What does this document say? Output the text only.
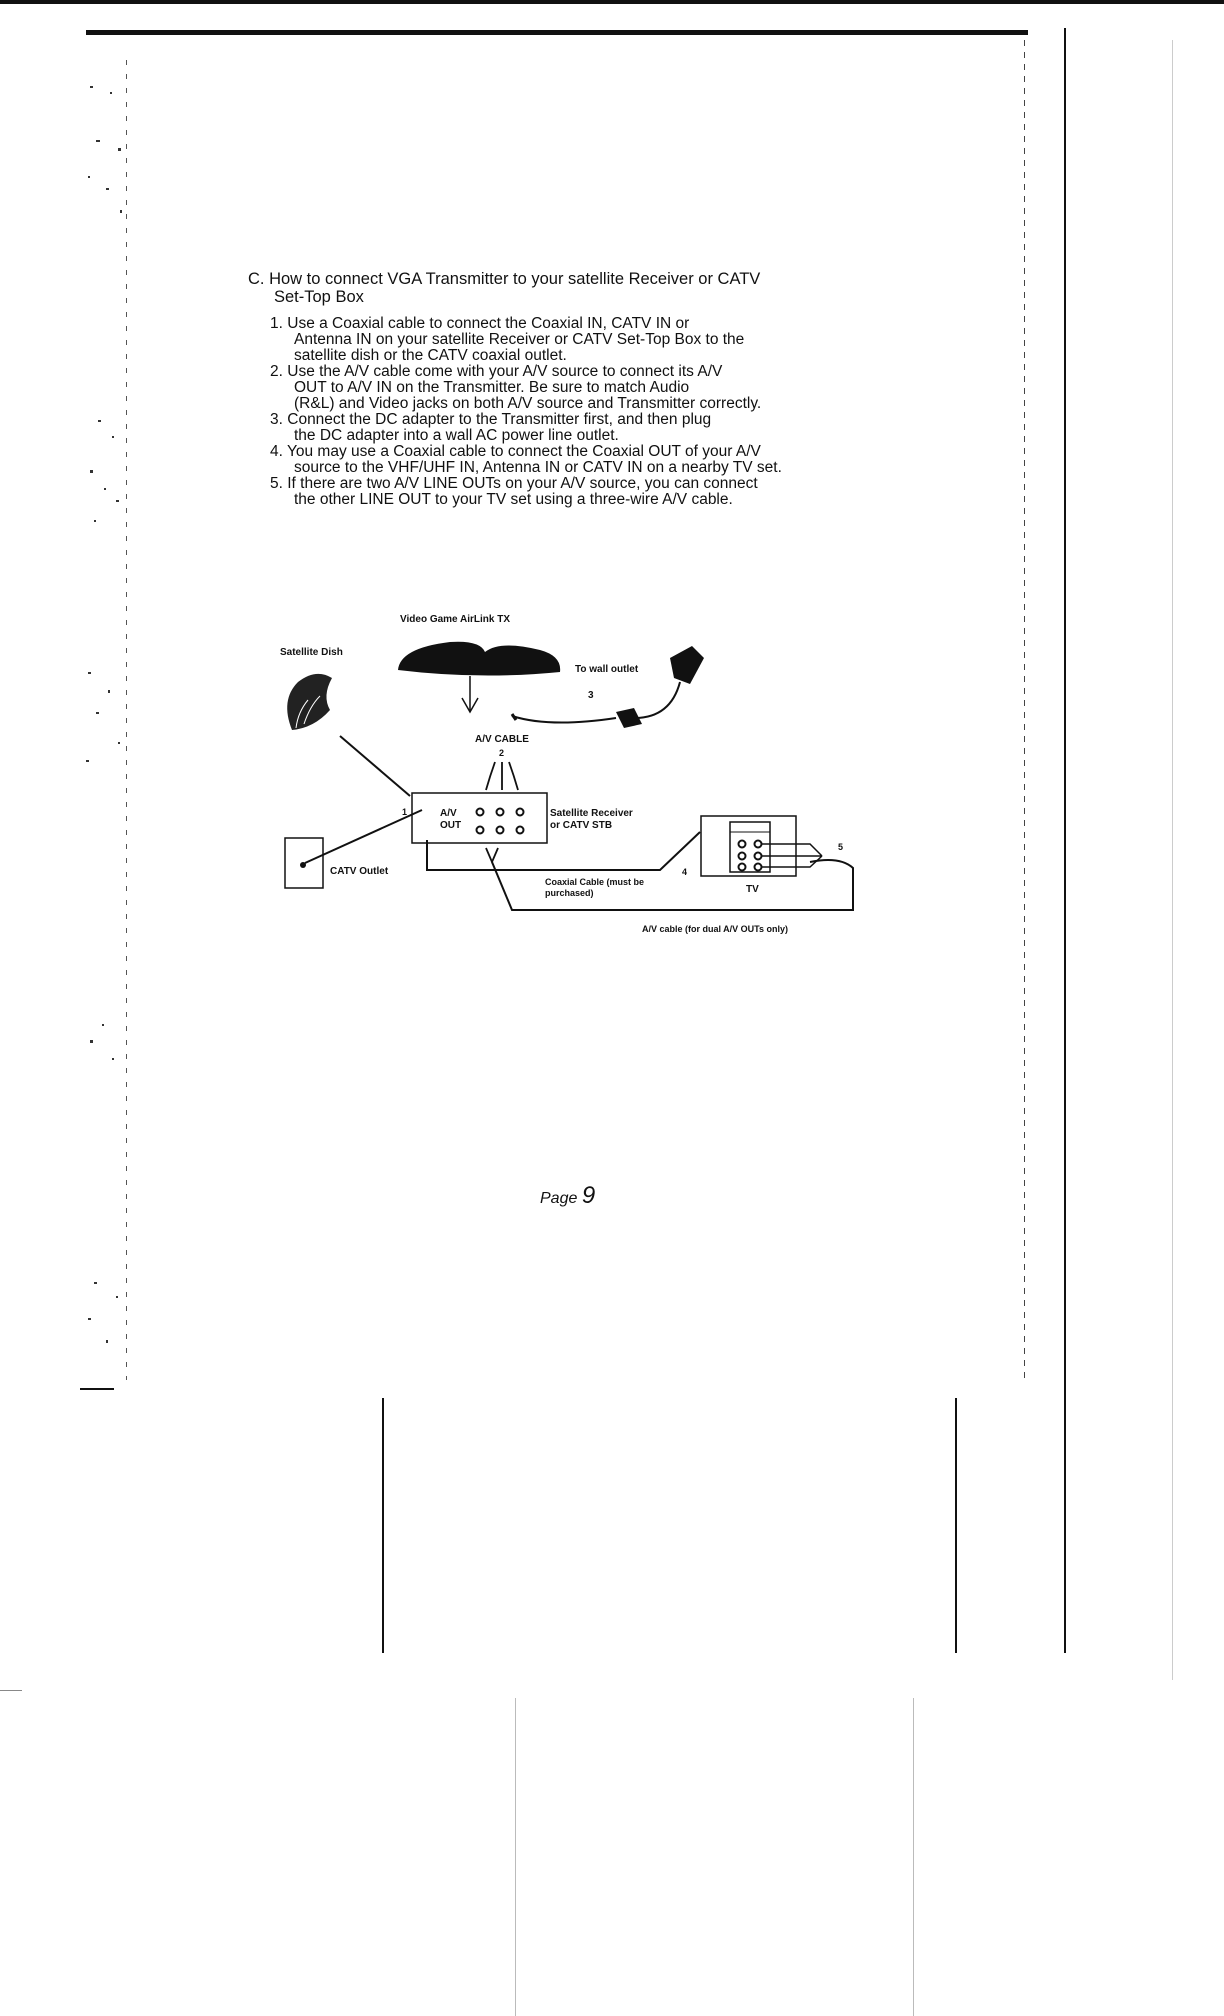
C. How to connect VGA Transmitter to your satellite Receiver or CATV
Set-Top Box
1. Use a Coaxial cable to connect the Coaxial IN, CATV IN or
Antenna IN on your satellite Receiver or CATV Set-Top Box to the
satellite dish or the CATV coaxial outlet.
2. Use the A/V cable come with your A/V source to connect its A/V
OUT to A/V IN on the Transmitter. Be sure to match Audio
(R&L) and Video jacks on both A/V source and Transmitter correctly.
3. Connect the DC adapter to the Transmitter first, and then plug
the DC adapter into a wall AC power line outlet.
4. You may use a Coaxial cable to connect the Coaxial OUT of your A/V
source to the VHF/UHF IN, Antenna IN or CATV IN on a nearby TV set.
5. If there are two A/V LINE OUTs on your A/V source, you can connect
the other LINE OUT to your TV set using a three-wire A/V cable.
Video Game AirLink TX
Satellite Dish
To wall outlet
3
A/V CABLE
2
1	A/V
OUT
Satellite Receiver
or CATV STB
CATV Outlet
Coaxial Cable (must be
purchased)
4
A/V cable (for dual A/V OUTs only)
TV
5
Page 9
